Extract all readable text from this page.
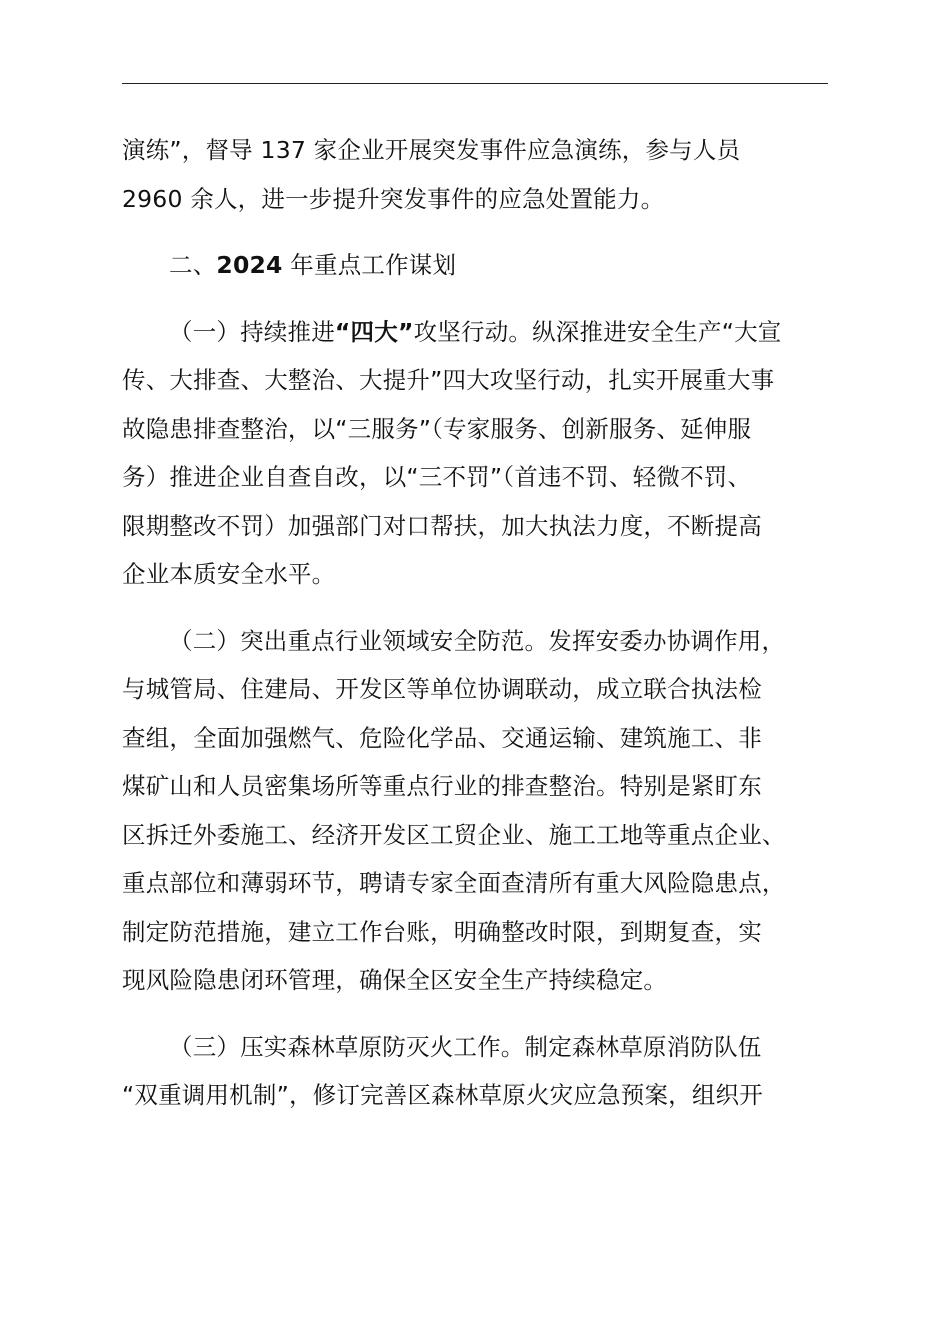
演练”，督导 137 家企业开展突发事件应急演练，参与人员
2960 余人，进一步提升突发事件的应急处置能力。
二、2024 年重点工作谋划
（一）持续推进“四大”攻坚行动。纵深推进安全生产“大宣
传、大排查、大整治、大提升”四大攻坚行动，扎实开展重大事
故隐患排查整治，以“三服务”（专家服务、创新服务、延伸服
务）推进企业自查自改，以“三不罚”（首违不罚、轻微不罚、
限期整改不罚）加强部门对口帮扶，加大执法力度，不断提高
企业本质安全水平。
（二）突出重点行业领域安全防范。发挥安委办协调作用，
与城管局、住建局、开发区等单位协调联动，成立联合执法检
查组，全面加强燃气、危险化学品、交通运输、建筑施工、非
煤矿山和人员密集场所等重点行业的排查整治。特别是紧盯东
区拆迁外委施工、经济开发区工贸企业、施工工地等重点企业、
重点部位和薄弱环节，聘请专家全面查清所有重大风险隐患点，
制定防范措施，建立工作台账，明确整改时限，到期复查，实
现风险隐患闭环管理，确保全区安全生产持续稳定。
（三）压实森林草原防灭火工作。制定森林草原消防队伍
“双重调用机制”，修订完善区森林草原火灾应急预案，组织开
